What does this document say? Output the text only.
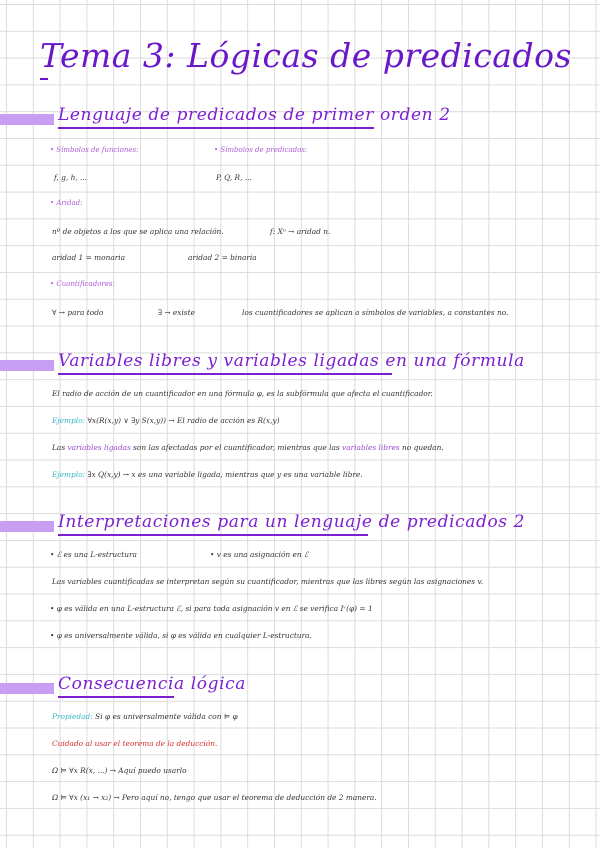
Tema 3: Lógicas de predicados
Lenguaje de predicados de primer orden 2
• Símbolos de funciones:	• Símbolos de predicados:
f, g, h, ...	P, Q, R, ...
• Aridad:
nº de objetos a los que se aplica una relación.	f: Xⁿ → aridad n.
aridad 1 = monaria	aridad 2 = binaria
• Cuantificadores:
∀ → para todo	∃ → existe	los cuantificadores se aplican a símbolos de variables, a constantes no.
Variables libres y variables ligadas en una fórmula
El radio de acción de un cuantificador en una fórmula φ, es la subfórmula que afecta el cuantificador.
Ejemplo: ∀x(R(x,y) ∨ ∃y S(x,y)) → El radio de acción es R(x,y)
Las variables ligadas son las afectadas por el cuantificador, mientras que las variables libres no quedan.
Ejemplo: ∃x Q(x,y) → x es una variable ligada, mientras que y es una variable libre.
Interpretaciones para un lenguaje de predicados 2
• ℰ es una L-estructura	• v es una asignación en ℰ
Las variables cuantificadas se interpretan según su cuantificador, mientras que las libres según las asignaciones v.
• φ es válida en una L-estructura ℰ, si para toda asignación v en ℰ se verifica Iᵛ(φ) = 1
• φ es universalmente válida, si φ es válida en cualquier L-estructura.
Consecuencia lógica
Propiedad: Si φ es universalmente válida con ⊨ φ
Cuidado al usar el teorema de la deducción.
Ω ⊨ ∀x R(x, ...) → Aquí puedo usarlo
Ω ⊨ ∀x (x₁ → x₂) → Pero aquí no, tengo que usar el teorema de deducción de 2 manera.
